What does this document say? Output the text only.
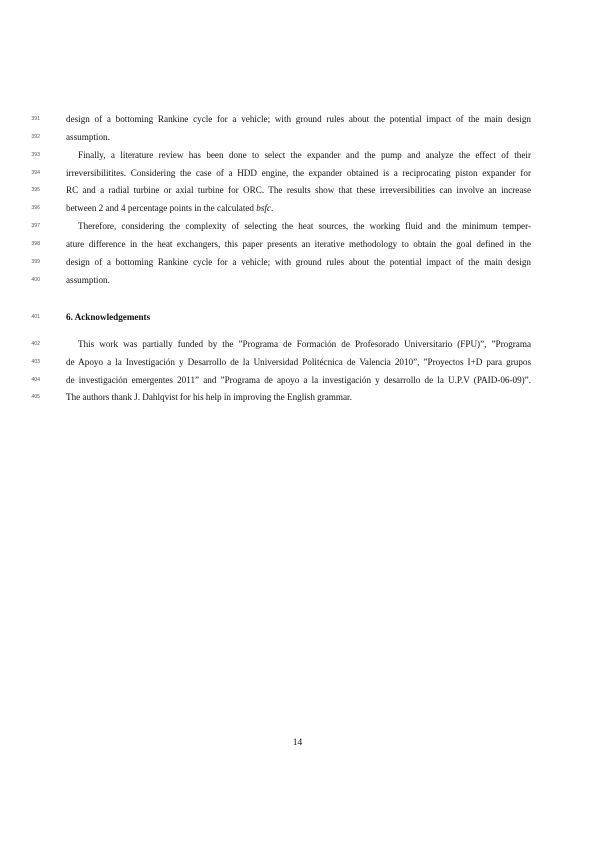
391	design of a bottoming Rankine cycle for a vehicle; with ground rules about the potential impact of the main design
392	assumption.
393	Finally, a literature review has been done to select the expander and the pump and analyze the effect of their
394	irreversibilitites. Considering the case of a HDD engine, the expander obtained is a reciprocating piston expander for
395	RC and a radial turbine or axial turbine for ORC. The results show that these irreversibilities can involve an increase
396	between 2 and 4 percentage points in the calculated bsfc.
397	Therefore, considering the complexity of selecting the heat sources, the working fluid and the minimum temper-
398	ature difference in the heat exchangers, this paper presents an iterative methodology to obtain the goal defined in the
399	design of a bottoming Rankine cycle for a vehicle; with ground rules about the potential impact of the main design
400	assumption.
401	6. Acknowledgements
402	This work was partially funded by the ”Programa de Formación de Profesorado Universitario (FPU)”, ”Programa
403	de Apoyo a la Investigación y Desarrollo de la Universidad Politécnica de Valencia 2010”, ”Proyectos I+D para grupos
404	de investigación emergentes 2011” and ”Programa de apoyo a la investigación y desarrollo de la U.P.V (PAID-06-09)”.
405	The authors thank J. Dahlqvist for his help in improving the English grammar.
14
